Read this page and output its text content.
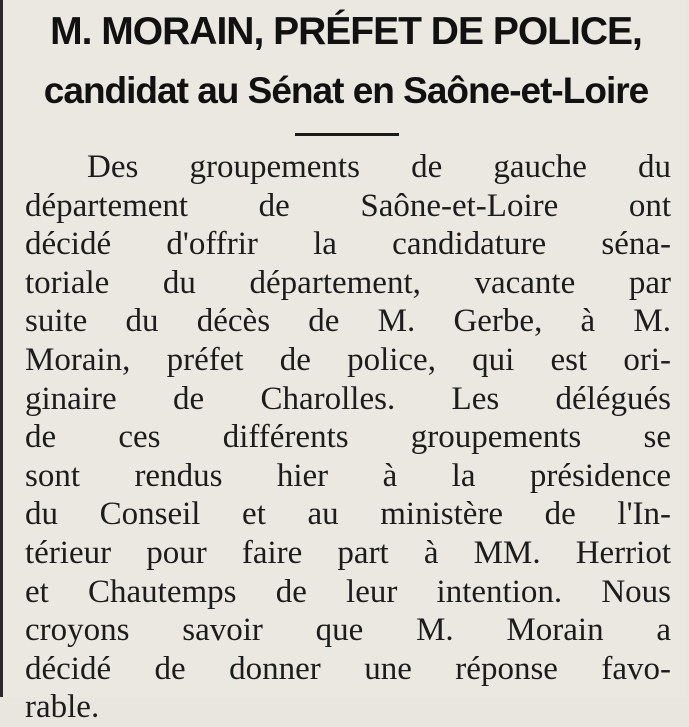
M. MORAIN, PRÉFET DE POLICE,
candidat au Sénat en Saône-et-Loire
Des groupements de gauche du
département de Saône-et-Loire ont
décidé d'offrir la candidature séna-
toriale du département, vacante par
suite du décès de M. Gerbe, à M.
Morain, préfet de police, qui est ori-
ginaire de Charolles. Les délégués
de ces différents groupements se
sont rendus hier à la présidence
du Conseil et au ministère de l'In-
térieur pour faire part à MM. Herriot
et Chautemps de leur intention. Nous
croyons savoir que M. Morain a
décidé de donner une réponse favo-
rable.
